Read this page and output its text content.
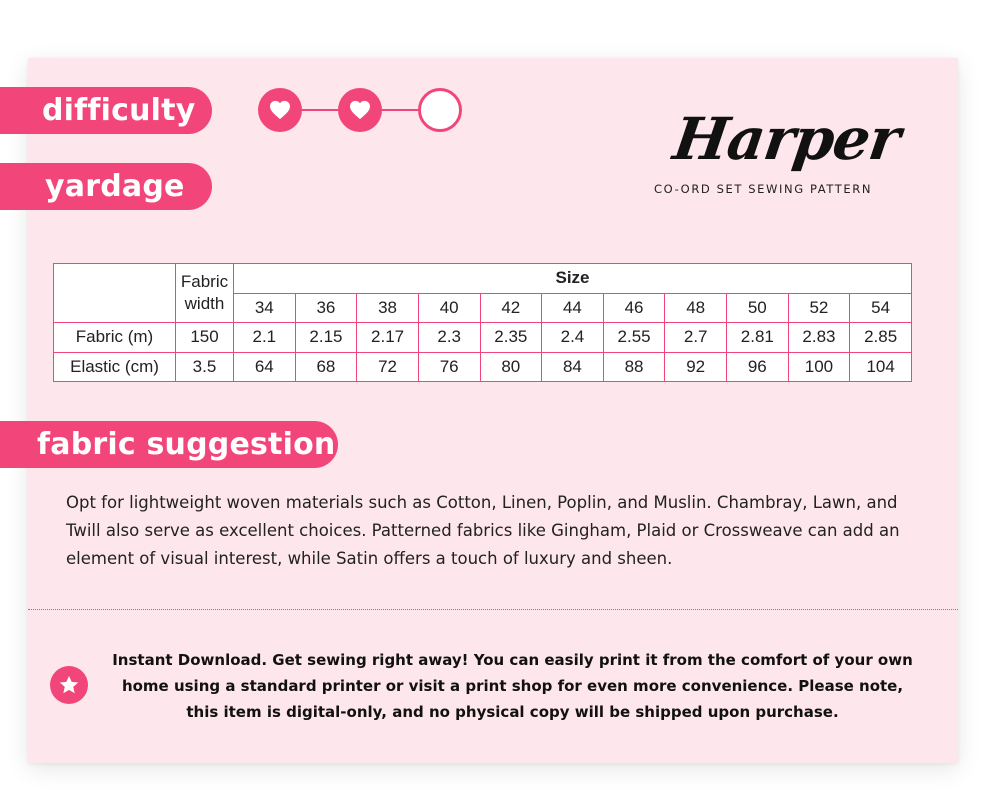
difficulty	Harper
CO-ORD SET SEWING PATTERN
yardage
	Fabric width	Size										
		34	36	38	40	42	44	46	48	50	52	54
Fabric (m)	150	2.1	2.15	2.17	2.3	2.35	2.4	2.55	2.7	2.81	2.83	2.85
Elastic (cm)	3.5	64	68	72	76	80	84	88	92	96	100	104
fabric suggestion

Opt for lightweight woven materials such as Cotton, Linen, Poplin, and Muslin. Chambray, Lawn, and Twill also serve as excellent choices. Patterned fabrics like Gingham, Plaid or Crossweave can add an element of visual interest, while Satin offers a touch of luxury and sheen.

Instant Download. Get sewing right away! You can easily print it from the comfort of your own home using a standard printer or visit a print shop for even more convenience. Please note, this item is digital-only, and no physical copy will be shipped upon purchase.
